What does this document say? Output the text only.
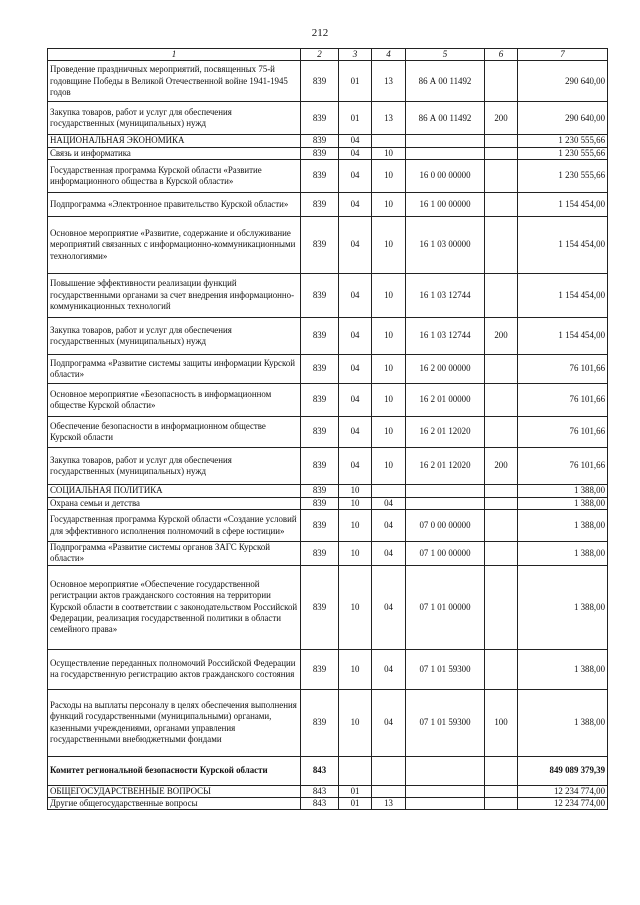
212
1	2	3	4	5	6	7
Проведение праздничных мероприятий, посвященных 75-й годовщине Победы в Великой Отечественной войне 1941-1945 годов	839	01	13	86 А 00 11492		290 640,00
Закупка товаров, работ и услуг для обеспечения государственных (муниципальных) нужд	839	01	13	86 А 00 11492	200	290 640,00
НАЦИОНАЛЬНАЯ ЭКОНОМИКА	839	04				1 230 555,66
Связь и информатика	839	04	10			1 230 555,66
Государственная программа Курской области «Развитие информационного общества в Курской области»	839	04	10	16 0 00 00000		1 230 555,66
Подпрограмма «Электронное правительство Курской области»	839	04	10	16 1 00 00000		1 154 454,00
Основное мероприятие «Развитие, содержание и обслуживание мероприятий связанных с информационно-коммуникационными технологиями»	839	04	10	16 1 03 00000		1 154 454,00
Повышение эффективности реализации функций государственными органами за счет внедрения информационно-коммуникационных технологий	839	04	10	16 1 03 12744		1 154 454,00
Закупка товаров, работ и услуг для обеспечения государственных (муниципальных) нужд	839	04	10	16 1 03 12744	200	1 154 454,00
Подпрограмма «Развитие системы защиты информации Курской области»	839	04	10	16 2 00 00000		76 101,66
Основное мероприятие «Безопасность в информационном обществе Курской области»	839	04	10	16 2 01 00000		76 101,66
Обеспечение безопасности в информационном обществе Курской области	839	04	10	16 2 01 12020		76 101,66
Закупка товаров, работ и услуг для обеспечения государственных (муниципальных) нужд	839	04	10	16 2 01 12020	200	76 101,66
СОЦИАЛЬНАЯ ПОЛИТИКА	839	10				1 388,00
Охрана семьи и детства	839	10	04			1 388,00
Государственная программа Курской области «Создание условий для эффективного исполнения полномочий в сфере юстиции»	839	10	04	07 0 00 00000		1 388,00
Подпрограмма «Развитие системы органов ЗАГС Курской области»	839	10	04	07 1 00 00000		1 388,00
Основное мероприятие «Обеспечение государственной регистрации актов гражданского состояния на территории Курской области в соответствии с законодательством Российской Федерации, реализация государственной политики в области семейного права»	839	10	04	07 1 01 00000		1 388,00
Осуществление переданных полномочий Российской Федерации на государственную регистрацию актов гражданского состояния	839	10	04	07 1 01 59300		1 388,00
Расходы на выплаты персоналу в целях обеспечения выполнения функций государственными (муниципальными) органами, казенными учреждениями, органами управления государственными внебюджетными фондами	839	10	04	07 1 01 59300	100	1 388,00
Комитет региональной безопасности Курской области	843					849 089 379,39
ОБЩЕГОСУДАРСТВЕННЫЕ ВОПРОСЫ	843	01				12 234 774,00
Другие общегосударственные вопросы	843	01	13			12 234 774,00
